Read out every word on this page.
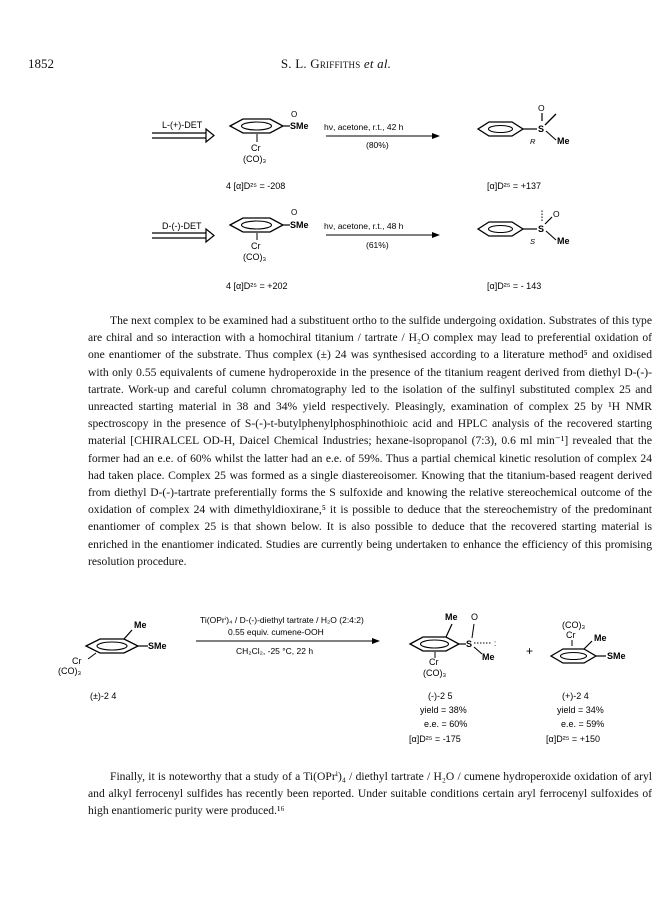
1852	S. L. Griffiths et al.
L-(+)-DET
O
SMe
Cr
(CO)₃
hν, acetone, r.t., 42 h
(80%)
S
O
R Me
4 [α]D²⁵ = -208	[α]D²⁵ = +137
D-(-)-DET
O
SMe
Cr
(CO)₃
hν, acetone, r.t., 48 h
(61%)
S
O
S Me
4 [α]D²⁵ = +202	[α]D²⁵ = - 143
The next complex to be examined had a substituent ortho to the sulfide undergoing oxidation. Substrates of this type are chiral and so interaction with a homochiral titanium / tartrate / H₂O complex may lead to preferential oxidation of one enantiomer of the substrate. Thus complex (±) 24 was synthesised according to a literature method⁵ and oxidised with only 0.55 equivalents of cumene hydroperoxide in the presence of the titanium reagent derived from diethyl D-(-)-tartrate. Work-up and careful column chromatography led to the isolation of the sulfinyl substituted complex 25 and unreacted starting material in 38 and 34% yield respectively. Pleasingly, examination of complex 25 by ¹H NMR spectroscopy in the presence of S-(-)-t-butylphenylphosphinothioic acid and HPLC analysis of the recovered starting material [CHIRALCEL OD-H, Daicel Chemical Industries; hexane-isopropanol (7:3), 0.6 ml min⁻¹] revealed that the former had an e.e. of 60% whilst the latter had an e.e. of 59%. Thus a partial chemical kinetic resolution of complex 24 had taken place. Complex 25 was formed as a single diastereoisomer. Knowing that the titanium-based reagent derived from diethyl D-(-)-tartrate preferentially forms the S sulfoxide and knowing the relative stereochemical outcome of the oxidation of complex 24 with dimethyldioxirane,⁵ it is possible to deduce that the stereochemistry of the predominant enantiomer of complex 25 is that shown below. It is also possible to deduce that the recovered starting material is enriched in the enantiomer indicated. Studies are currently being undertaken to enhance the efficiency of this promising resolution procedure.
Me
SMe
Cr
(CO)₃
(±)-2 4
Ti(OPrⁱ)₄ / D-(-)-diethyl tartrate / H₂O (2:4:2)
0.55 equiv. cumene-OOH
CH₂Cl₂, -25 °C, 22 h
Me O
S	:
Me
Cr
(CO)₃
(-)-2 5
yield = 38%
e.e. = 60%
[α]D²⁵ = -175
+
(CO)₃
Cr Me
SMe
(+)-2 4
yield = 34%
e.e. = 59%
[α]D²⁵ = +150
Finally, it is noteworthy that a study of a Ti(OPrⁱ)₄ / diethyl tartrate / H₂O / cumene hydroperoxide oxidation of aryl and alkyl ferrocenyl sulfides has recently been reported. Under suitable conditions certain aryl ferrocenyl sulfoxides of high enantiomeric purity were produced.¹⁶
